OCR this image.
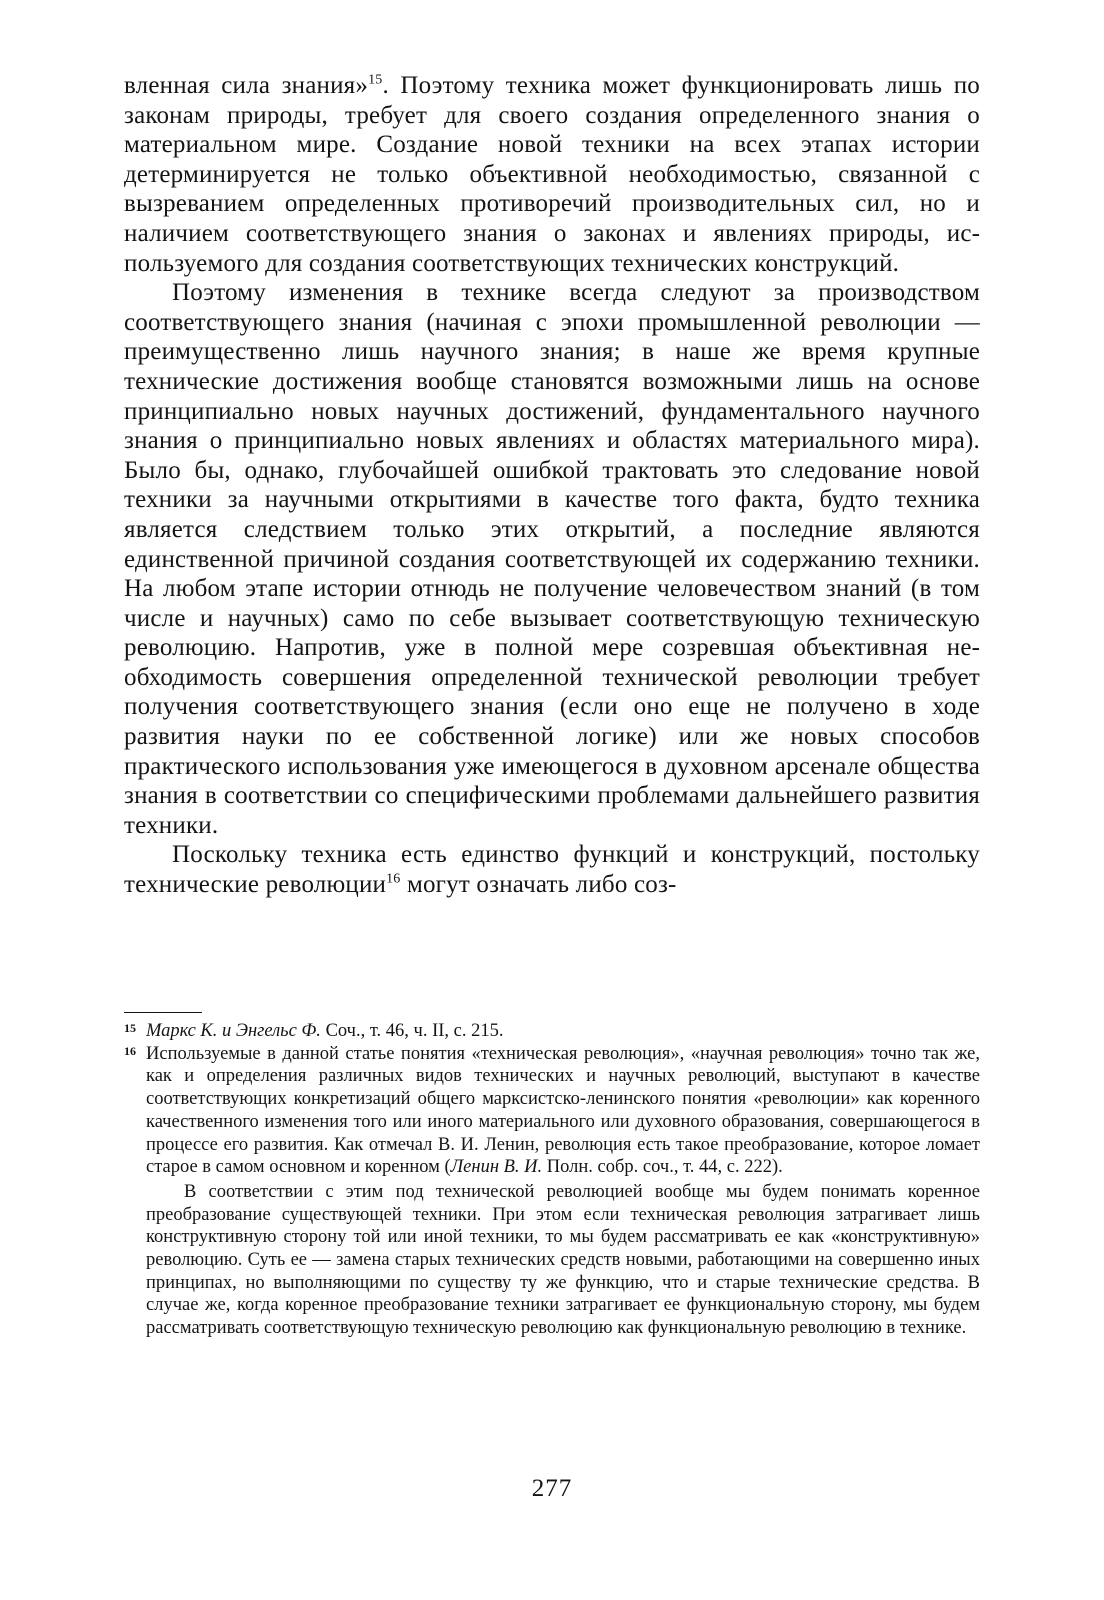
вленная сила знания»$^{15}$. Поэтому техника может функционировать лишь по законам природы, требует для своего создания определенного знания о материальном мире. Создание новой техники на всех этапах истории детерминируется не только объективной необходимостью, связанной с вызреванием определенных противоречий производительных сил, но и наличием соответствующего знания о законах и явлениях природы, используемого для создания соответствующих технических конструкций.

Поэтому изменения в технике всегда следуют за производством соответствующего знания (начиная с эпохи промышленной революции — преимущественно лишь научного знания; в наше же время крупные технические достижения вообще становятся возможными лишь на основе принципиально новых научных достижений, фундаментального научного знания о принципиально новых явлениях и областях материального мира). Было бы, однако, глубочайшей ошибкой трактовать это следование новой техники за научными открытиями в качестве того факта, будто техника является следствием только этих открытий, а последние являются единственной причиной создания соответствующей их содержанию техники. На любом этапе истории отнюдь не получение человечеством знаний (в том числе и научных) само по себе вызывает соответствующую техническую революцию. Напротив, уже в полной мере созревшая объективная необходимость совершения определенной технической революции требует получения соответствующего знания (если оно еще не получено в ходе развития науки по ее собственной логике) или же новых способов практического использования уже имеющегося в духовном арсенале общества знания в соответствии со специфическими проблемами дальнейшего развития техники.

Поскольку техника есть единство функций и конструкций, постольку технические революции$^{16}$ могут означать либо соз-

15 Маркс К. и Энгельс Ф. Соч., т. 46, ч. II, с. 215.

16 Используемые в данной статье понятия «техническая революция», «научная революция» точно так же, как и определения различных видов технических и научных революций, выступают в качестве соответствующих конкретизаций общего марксистско-ленинского понятия «революции» как коренного качественного изменения того или иного материального или духовного образования, совершающегося в процессе его развития. Как отмечал В. И. Ленин, революция есть такое преобразование, которое ломает старое в самом основном и коренном (Ленин В. И. Полн. собр. соч., т. 44, с. 222).

В соответствии с этим под технической революцией вообще мы будем понимать коренное преобразование существующей техники. При этом если техническая революция затрагивает лишь конструктивную сторону той или иной техники, то мы будем рассматривать ее как «конструктивную» революцию. Суть ее — замена старых технических средств новыми, работающими на совершенно иных принципах, но выполняющими по существу ту же функцию, что и старые технические средства. В случае же, когда коренное преобразование техники затрагивает ее функциональную сторону, мы будем рассматривать соответствующую техническую революцию как функциональную революцию в технике.

277
